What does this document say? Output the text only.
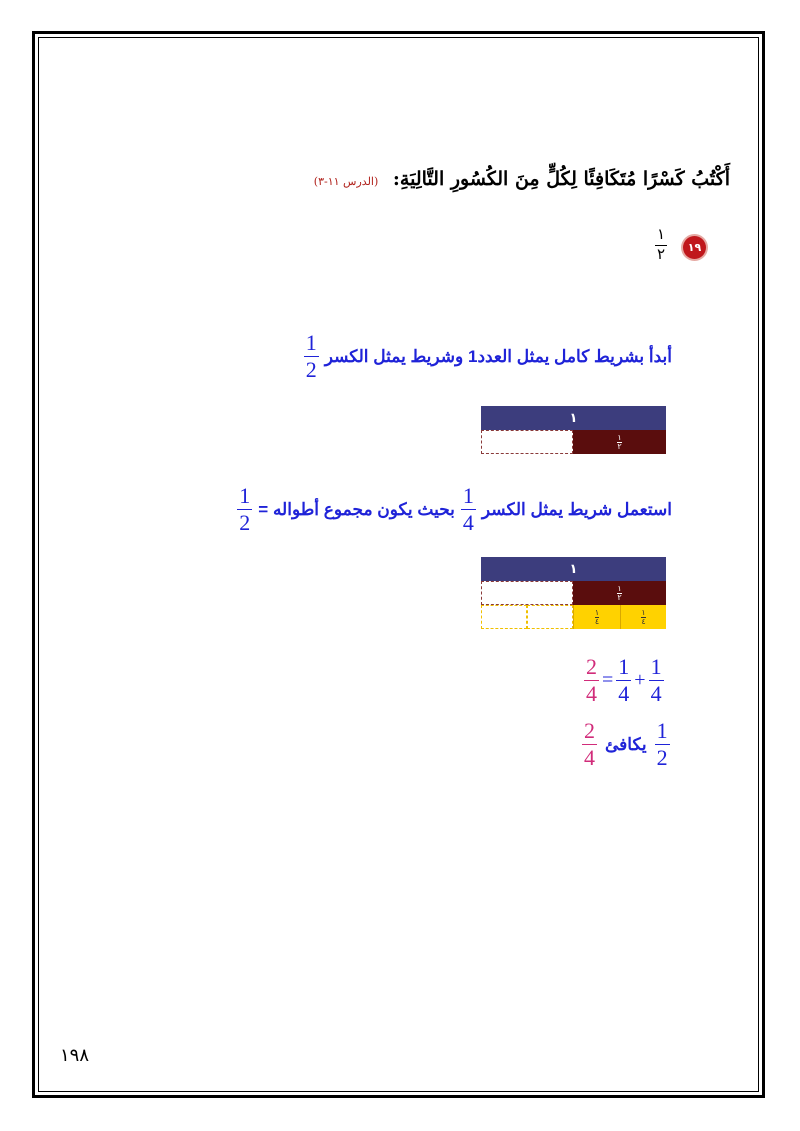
أَكْتُبُ كَسْرًا مُتَكَافِئًا لِكُلٍّ مِنَ الكُسُورِ التَّالِيَةِ: (الدرس ١١-٣)
١٩
$\frac{١}{٢}$
أبدأ بشريط كامل يمثل العدد1 وشريط يمثل الكسر
$\frac{1}{2}$
١
١
٢
استعمل شريط يمثل الكسر
$\frac{1}{4}$
بحيث يكون مجموع أطواله =
$\frac{1}{2}$
١
١
٢
١
٤
١
٤
$\frac{2}{4} = \frac{1}{4} + \frac{1}{4}$
$\frac{2}{4}$ يكافئ $\frac{1}{2}$
١٩٨
